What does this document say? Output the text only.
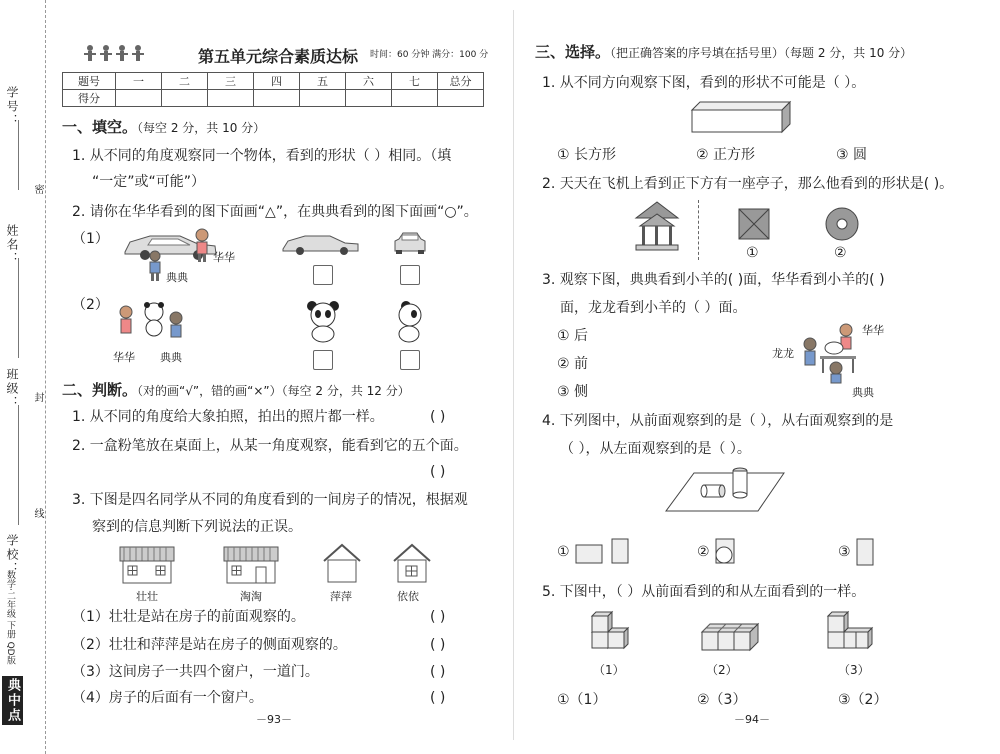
学号：
密
姓名：
班级： 封
学校：
线
数学·二年级 下册 QD版
典中点
第五单元综合素质达标 时间：60 分钟 满分：100 分
题号	一	二	三	四	五	六	七	总分
得分								
一、填空。（每空 2 分，共 10 分）
1. 从不同的角度观察同一个物体，看到的形状（ ）相同。（填
“一定”或“可能”）
2. 请你在华华看到的图下面画“△”，在典典看到的图下面画“○”。
（1）
华华
典典
（2）
华华 典典
二、判断。（对的画“√”，错的画“×”）（每空 2 分，共 12 分）
1. 从不同的角度给大象拍照，拍出的照片都一样。	( )
2. 一盒粉笔放在桌面上，从某一角度观察，能看到它的五个面。
( )
3. 下图是四名同学从不同的角度看到的一间房子的情况，根据观
察到的信息判断下列说法的正误。
壮壮	淘淘	萍萍	依依
（1）壮壮是站在房子的前面观察的。	( )
（2）壮壮和萍萍是站在房子的侧面观察的。	( )
（3）这间房子一共四个窗户，一道门。	( )
（4）房子的后面有一个窗户。	( )
－93－
三、选择。（把正确答案的序号填在括号里）（每题 2 分，共 10 分）
1. 从不同方向观察下图，看到的形状不可能是（ ）。
① 长方形	② 正方形	③ 圆
2. 天天在飞机上看到正下方有一座亭子，那么他看到的形状是( )。
①	②
3. 观察下图，典典看到小羊的( )面，华华看到小羊的( )
面，龙龙看到小羊的（ ）面。
① 后
② 前
③ 侧
华华
龙龙
典典
4. 下列图中，从前面观察到的是（ ），从右面观察到的是
（ ），从左面观察到的是（ ）。
①	②	③
5. 下图中，（ ）从前面看到的和从左面看到的一样。
（1）	（2）	（3）
①（1）	②（3）	③（2）
－94－
